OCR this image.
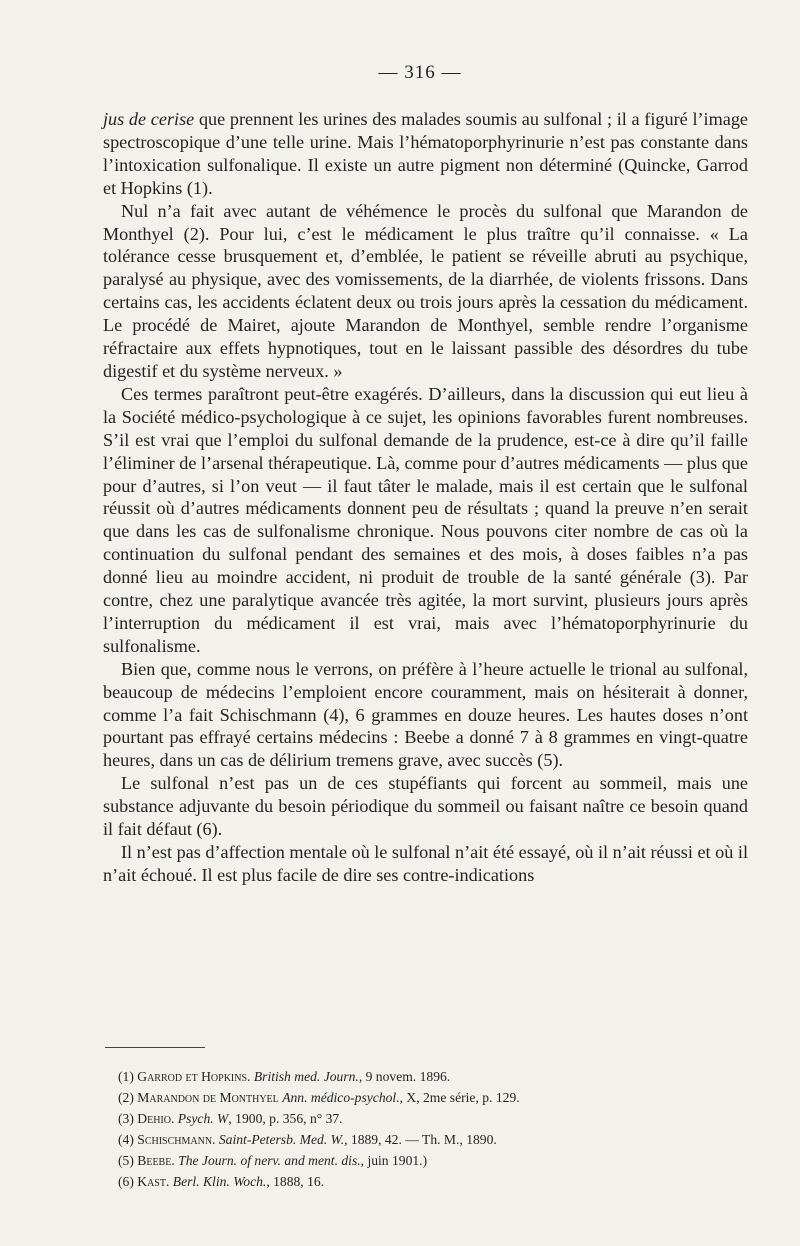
— 316 —

jus de cerise que prennent les urines des malades soumis au sulfonal ; il a figuré l’image spectroscopique d’une telle urine. Mais l’hématoporphyrinurie n’est pas constante dans l’intoxication sulfonalique. Il existe un autre pigment non déterminé (Quincke, Garrod et Hopkins (1).

Nul n’a fait avec autant de véhémence le procès du sulfonal que Marandon de Monthyel (2). Pour lui, c’est le médicament le plus traître qu’il connaisse. « La tolérance cesse brusquement et, d’emblée, le patient se réveille abruti au psychique, paralysé au physique, avec des vomissements, de la diarrhée, de violents frissons. Dans certains cas, les accidents éclatent deux ou trois jours après la cessation du médicament. Le procédé de Mairet, ajoute Marandon de Monthyel, semble rendre l’organisme réfractaire aux effets hypnotiques, tout en le laissant passible des désordres du tube digestif et du système nerveux. »

Ces termes paraîtront peut-être exagérés. D’ailleurs, dans la discussion qui eut lieu à la Société médico-psychologique à ce sujet, les opinions favorables furent nombreuses. S’il est vrai que l’emploi du sulfonal demande de la prudence, est-ce à dire qu’il faille l’éliminer de l’arsenal thérapeutique. Là, comme pour d’autres médicaments — plus que pour d’autres, si l’on veut — il faut tâter le malade, mais il est certain que le sulfonal réussit où d’autres médicaments donnent peu de résultats ; quand la preuve n’en serait que dans les cas de sulfonalisme chronique. Nous pouvons citer nombre de cas où la continuation du sulfonal pendant des semaines et des mois, à doses faibles n’a pas donné lieu au moindre accident, ni produit de trouble de la santé générale (3). Par contre, chez une paralytique avancée très agitée, la mort survint, plusieurs jours après l’interruption du médicament il est vrai, mais avec l’hématoporphyrinurie du sulfonalisme.

Bien que, comme nous le verrons, on préfère à l’heure actuelle le trional au sulfonal, beaucoup de médecins l’emploient encore couramment, mais on hésiterait à donner, comme l’a fait Schischmann (4), 6 grammes en douze heures. Les hautes doses n’ont pourtant pas effrayé certains médecins : Beebe a donné 7 à 8 grammes en vingt-quatre heures, dans un cas de délirium tremens grave, avec succès (5).

Le sulfonal n’est pas un de ces stupéfiants qui forcent au sommeil, mais une substance adjuvante du besoin périodique du sommeil ou faisant naître ce besoin quand il fait défaut (6).

Il n’est pas d’affection mentale où le sulfonal n’ait été essayé, où il n’ait réussi et où il n’ait échoué. Il est plus facile de dire ses contre-indications

(1) Garrod et Hopkins. British med. Journ., 9 novem. 1896.
(2) Marandon de Monthyel Ann. médico-psychol., X, 2me série, p. 129.
(3) Dehio. Psych. W, 1900, p. 356, n° 37.
(4) Schischmann. Saint-Petersb. Med. W., 1889, 42. — Th. M., 1890.
(5) Beebe. The Journ. of nerv. and ment. dis., juin 1901.)
(6) Kast. Berl. Klin. Woch., 1888, 16.
